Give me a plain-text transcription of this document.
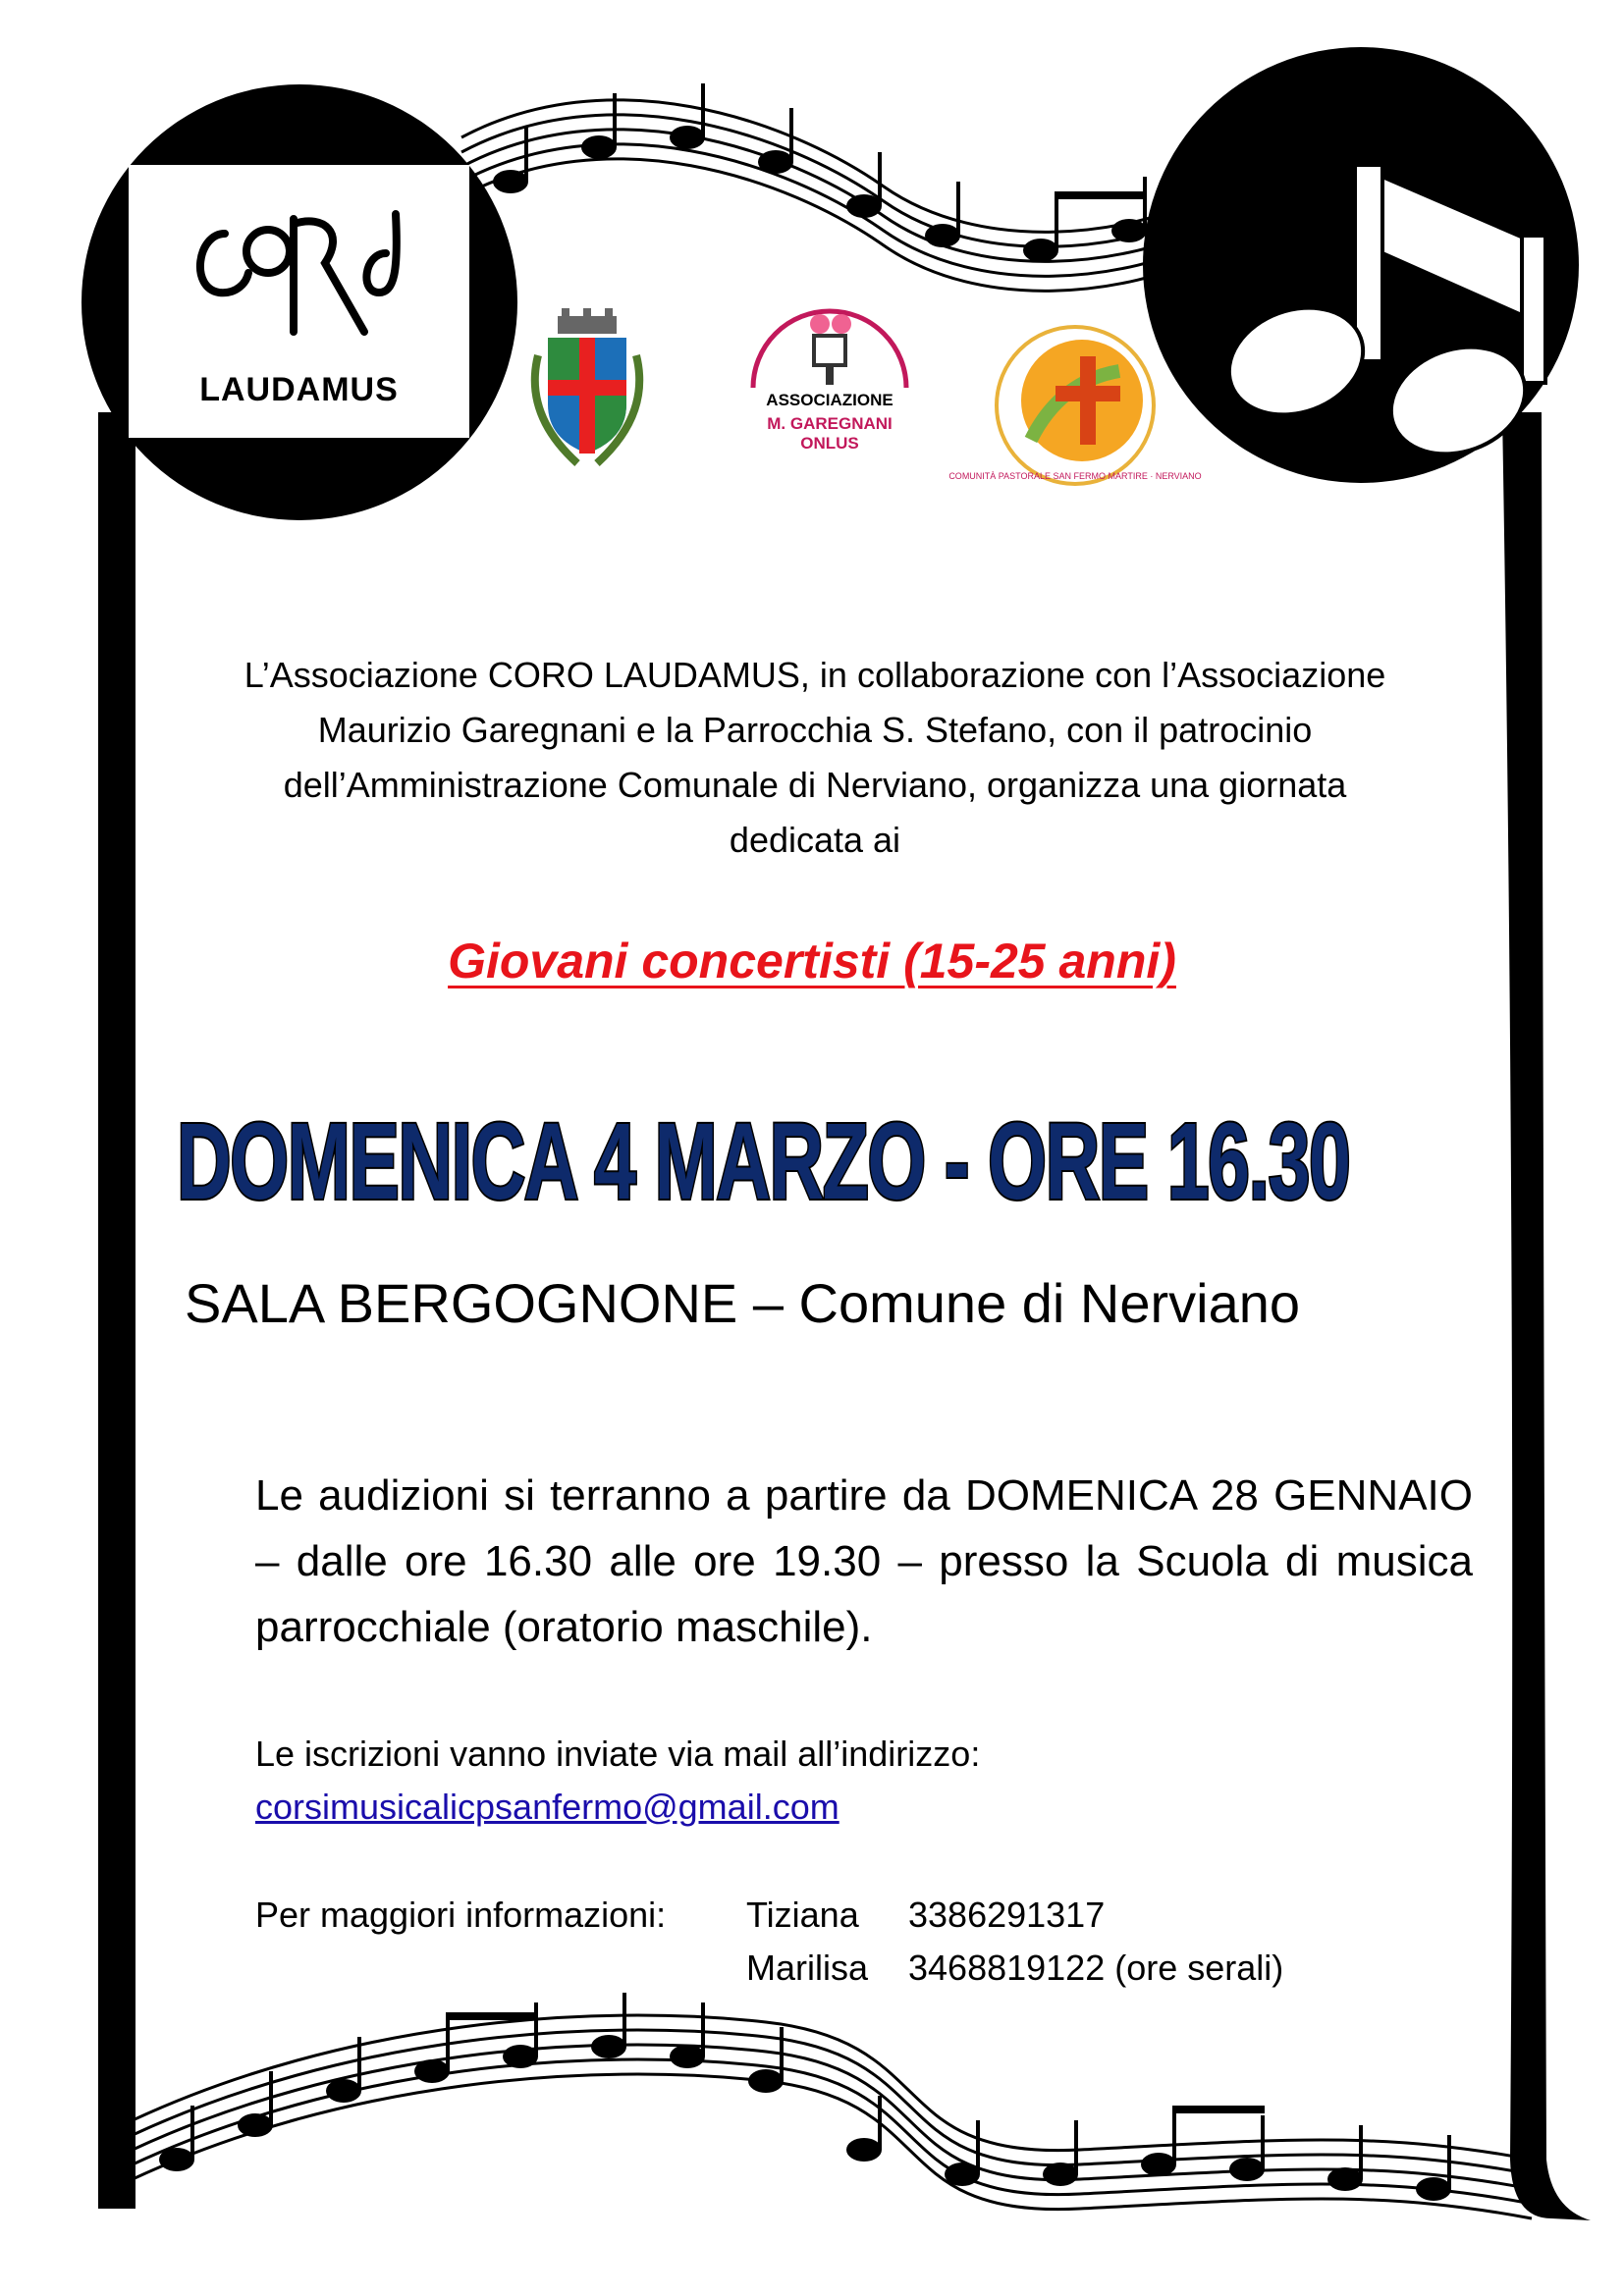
LAUDAMUS	ASSOCIAZIONE
M. GAREGNANI ONLUS
COMUNITÀ PASTORALE SAN FERMO MARTIRE · NERVIANO
L’Associazione CORO LAUDAMUS, in collaborazione con l’Associazione
Maurizio Garegnani e la Parrocchia S. Stefano, con il patrocinio
dell’Amministrazione Comunale di Nerviano, organizza una giornata
dedicata ai
Giovani concertisti (15-25 anni)
DOMENICA 4 MARZO - ORE 16.30
SALA BERGOGNONE – Comune di Nerviano
Le audizioni si terranno a partire da DOMENICA 28 GENNAIO – dalle ore 16.30 alle ore 19.30 – presso la Scuola di musica parrocchiale (oratorio maschile).
Le iscrizioni vanno inviate via mail all’indirizzo:
corsimusicalicpsanfermo@gmail.com
Per maggiori informazioni:	Tiziana	3386291317
Marilisa	3468819122 (ore serali)
